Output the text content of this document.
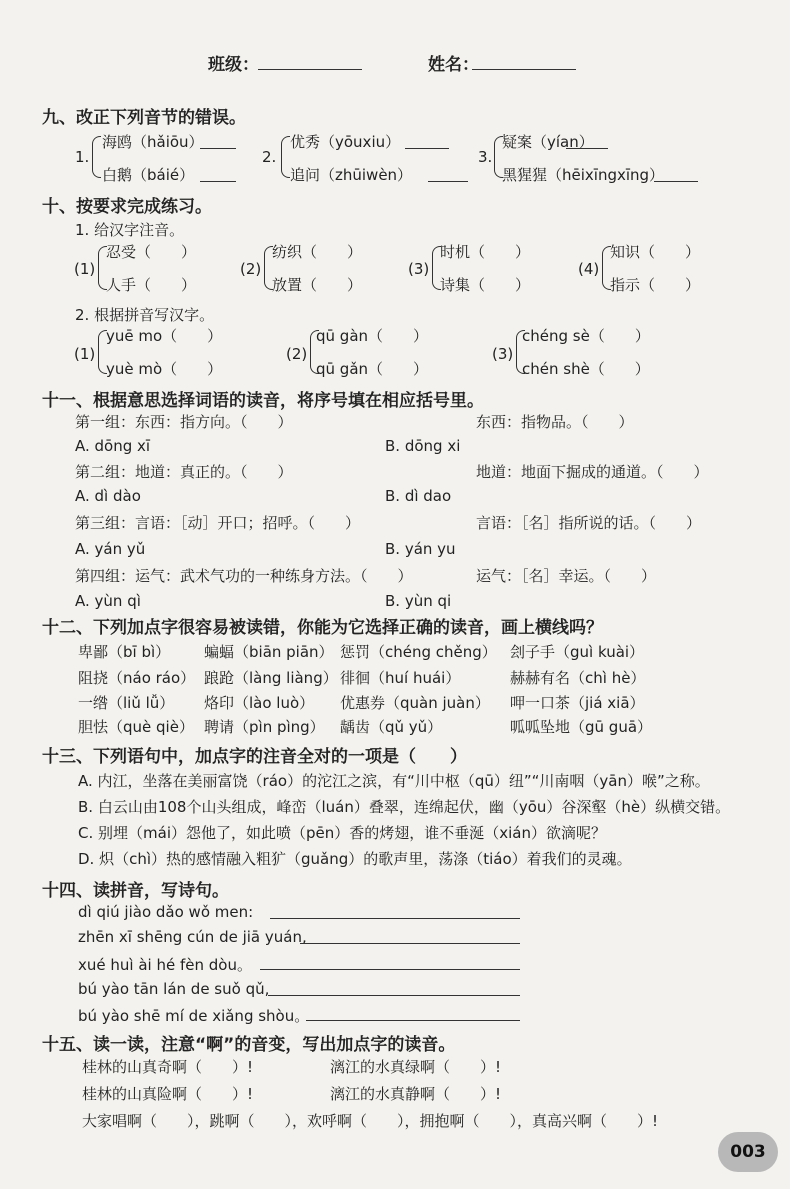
班级：	姓名：
九、改正下列音节的错误。
1.
海鸥（hǎiōu）
白鹅（báié）
2.
优秀（yōuxiu）
追问（zhūiwèn）
3.
疑案（yían）
黑猩猩（hēixīngxīng）
十、按要求完成练习。
1. 给汉字注音。
(1)
忍受（　　）
人手（　　）
(2)
纺织（　　）
放置（　　）
(3)
时机（　　）
诗集（　　）
(4)
知识（　　）
指示（　　）
2. 根据拼音写汉字。
(1)
yuē mo（　　）
yuè mò（　　）
(2)
qū gàn（　　）
qū gǎn（　　）
(3)
chéng sè（　　）
chén shè（　　）
十一、根据意思选择词语的读音，将序号填在相应括号里。
第一组：东西：指方向。（　　）	东西：指物品。（　　）
A. dōng xī	B. dōng xi
第二组：地道：真正的。（　　）	地道：地面下掘成的通道。（　　）
A. dì dào	B. dì dao
第三组：言语：［动］开口；招呼。（　　）	言语：［名］指所说的话。（　　）
A. yán yǔ	B. yán yu
第四组：运气：武术气功的一种练身方法。（　　）	运气：［名］幸运。（　　）
A. yùn qì	B. yùn qi
十二、下列加点字很容易被读错，你能为它选择正确的读音，画上横线吗？
卑鄙（bī bì） 蝙蝠（biān piān） 惩罚（chéng chěng） 刽子手（guì kuài）
阻挠（náo ráo） 踉跄（làng liàng） 徘徊（huí huái）	赫赫有名（chì hè）
一绺（liǔ lǚ） 烙印（lào luò） 优惠券（quàn juàn） 呷一口茶（jiá xiā）
胆怯（què qiè） 聘请（pìn pìng） 龋齿（qǔ yǔ）	呱呱坠地（gū guā）
十三、下列语句中，加点字的注音全对的一项是（　　）
A. 内江，坐落在美丽富饶（ráo）的沱江之滨，有“川中枢（qū）纽”“川南咽（yān）喉”之称。
B. 白云山由108个山头组成，峰峦（luán）叠翠，连绵起伏，幽（yōu）谷深壑（hè）纵横交错。
C. 别埋（mái）怨他了，如此喷（pēn）香的烤翅，谁不垂涎（xián）欲滴呢？
D. 炽（chì）热的感情融入粗犷（guǎng）的歌声里，荡涤（tiáo）着我们的灵魂。
十四、读拼音，写诗句。
dì qiú jiào dǎo wǒ men:
zhēn xī shēng cún de jiā yuán,
xué huì ài hé fèn dòu。
bú yào tān lán de suǒ qǔ,
bú yào shē mí de xiǎng shòu。
十五、读一读，注意“啊”的音变，写出加点字的读音。
桂林的山真奇啊（　　）!	漓江的水真绿啊（　　）!
桂林的山真险啊（　　）!	漓江的水真静啊（　　）!
大家唱啊（　　），跳啊（　　），欢呼啊（　　），拥抱啊（　　），真高兴啊（　　）!
003
